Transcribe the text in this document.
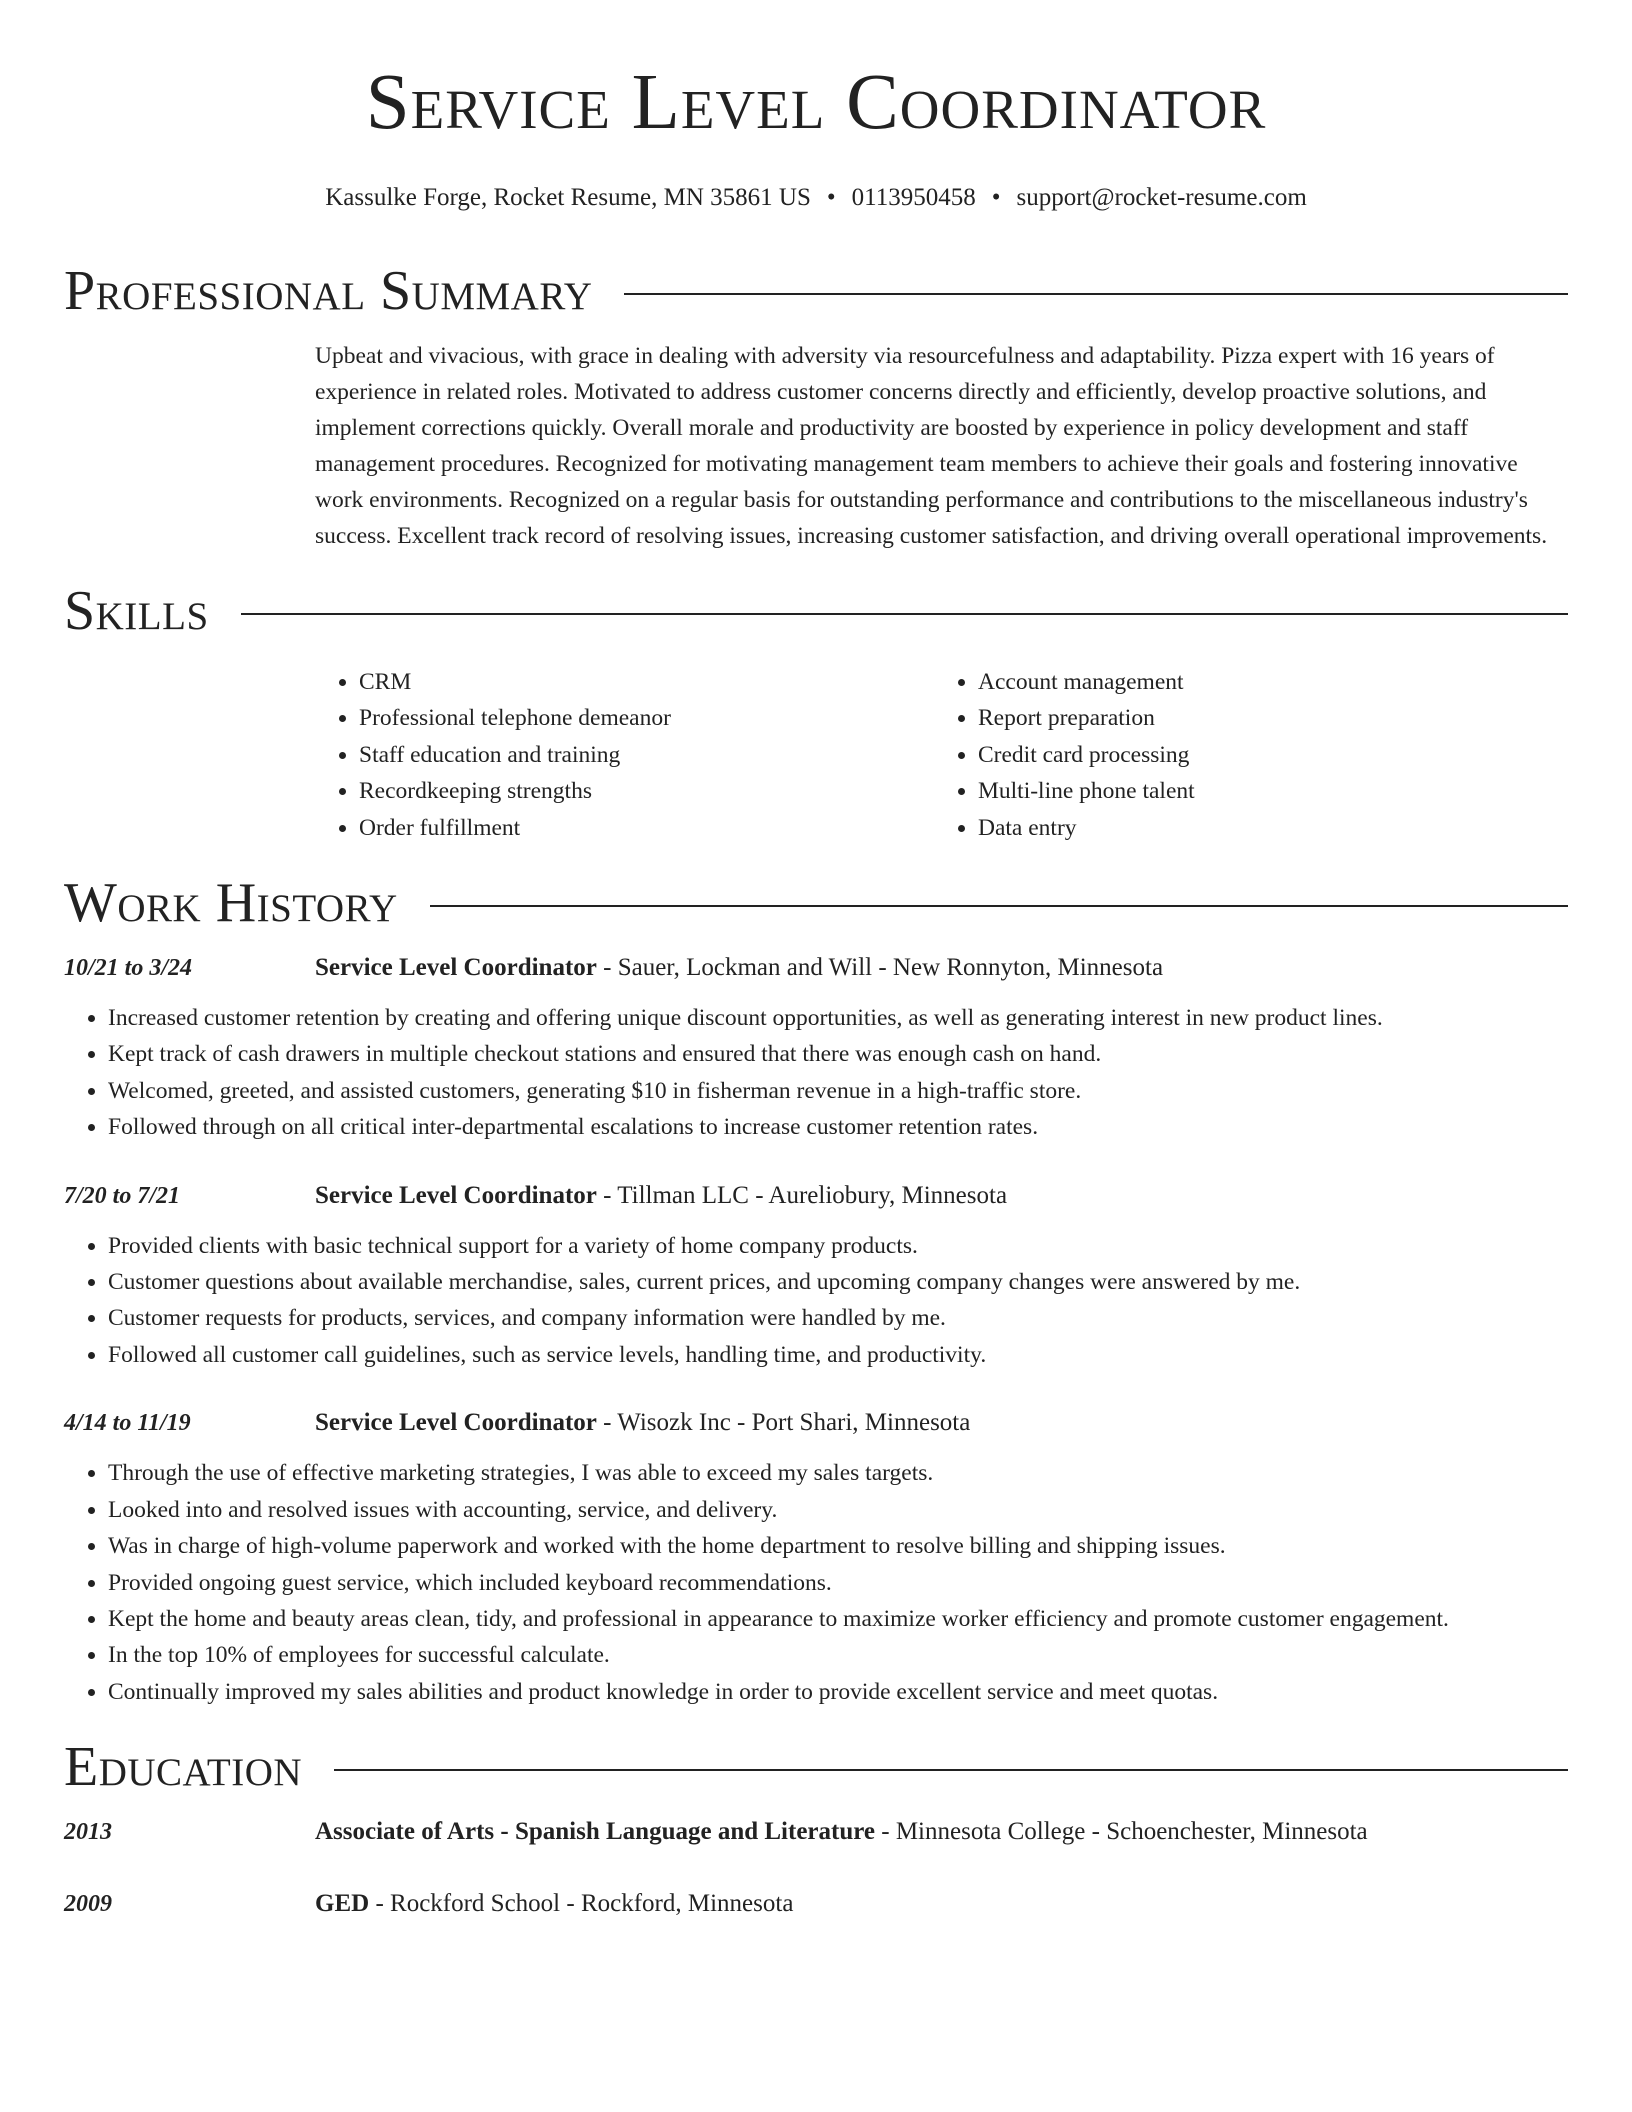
Service Level Coordinator
Kassulke Forge, Rocket Resume, MN 35861 US • 0113950458 • support@rocket-resume.com
Professional Summary
Upbeat and vivacious, with grace in dealing with adversity via resourcefulness and adaptability. Pizza expert with 16 years of experience in related roles. Motivated to address customer concerns directly and efficiently, develop proactive solutions, and implement corrections quickly. Overall morale and productivity are boosted by experience in policy development and staff management procedures. Recognized for motivating management team members to achieve their goals and fostering innovative work environments. Recognized on a regular basis for outstanding performance and contributions to the miscellaneous industry's success. Excellent track record of resolving issues, increasing customer satisfaction, and driving overall operational improvements.
Skills
• CRM
• Professional telephone demeanor
• Staff education and training
• Recordkeeping strengths
• Order fulfillment
• Account management
• Report preparation
• Credit card processing
• Multi-line phone talent
• Data entry
Work History
10/21 to 3/24	Service Level Coordinator - Sauer, Lockman and Will - New Ronnyton, Minnesota
• Increased customer retention by creating and offering unique discount opportunities, as well as generating interest in new product lines.
• Kept track of cash drawers in multiple checkout stations and ensured that there was enough cash on hand.
• Welcomed, greeted, and assisted customers, generating $10 in fisherman revenue in a high-traffic store.
• Followed through on all critical inter-departmental escalations to increase customer retention rates.
7/20 to 7/21	Service Level Coordinator - Tillman LLC - Aureliobury, Minnesota
• Provided clients with basic technical support for a variety of home company products.
• Customer questions about available merchandise, sales, current prices, and upcoming company changes were answered by me.
• Customer requests for products, services, and company information were handled by me.
• Followed all customer call guidelines, such as service levels, handling time, and productivity.
4/14 to 11/19	Service Level Coordinator - Wisozk Inc - Port Shari, Minnesota
• Through the use of effective marketing strategies, I was able to exceed my sales targets.
• Looked into and resolved issues with accounting, service, and delivery.
• Was in charge of high-volume paperwork and worked with the home department to resolve billing and shipping issues.
• Provided ongoing guest service, which included keyboard recommendations.
• Kept the home and beauty areas clean, tidy, and professional in appearance to maximize worker efficiency and promote customer engagement.
• In the top 10% of employees for successful calculate.
• Continually improved my sales abilities and product knowledge in order to provide excellent service and meet quotas.
Education
2013	Associate of Arts - Spanish Language and Literature - Minnesota College - Schoenchester, Minnesota
2009	GED - Rockford School - Rockford, Minnesota
